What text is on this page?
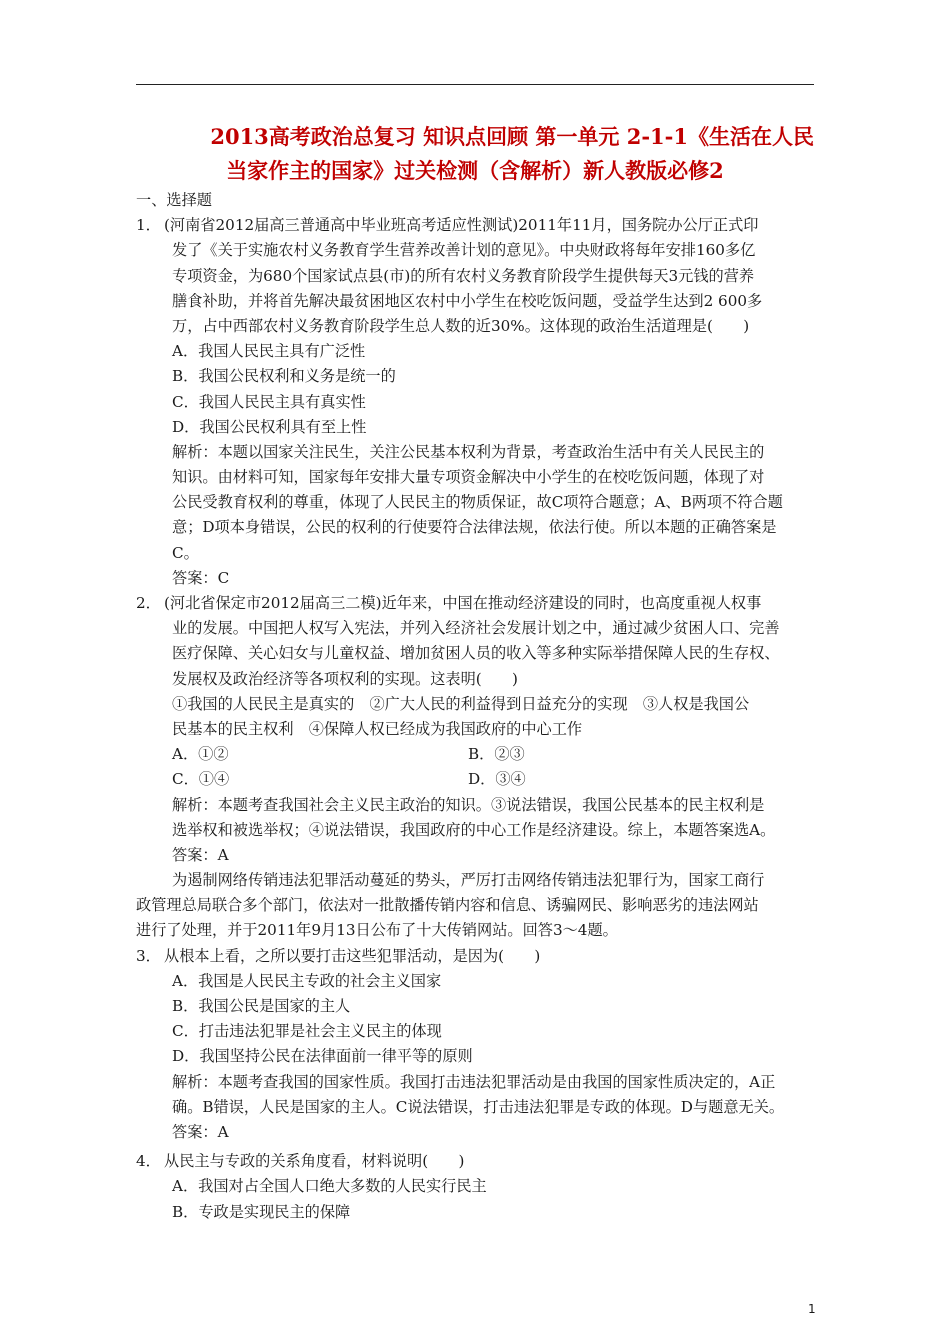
2013高考政治总复习 知识点回顾 第一单元 2-1-1《生活在人民
当家作主的国家》过关检测（含解析）新人教版必修2
一、选择题
1． (河南省2012届高三普通高中毕业班高考适应性测试)2011年11月，国务院办公厅正式印
发了《关于实施农村义务教育学生营养改善计划的意见》。中央财政将每年安排160多亿
专项资金，为680个国家试点县(市)的所有农村义务教育阶段学生提供每天3元钱的营养
膳食补助，并将首先解决最贫困地区农村中小学生在校吃饭问题，受益学生达到2 600多
万，占中西部农村义务教育阶段学生总人数的近30%。这体现的政治生活道理是(　　)
A．我国人民民主具有广泛性
B．我国公民权利和义务是统一的
C．我国人民民主具有真实性
D．我国公民权利具有至上性
解析：本题以国家关注民生，关注公民基本权利为背景，考查政治生活中有关人民民主的
知识。由材料可知，国家每年安排大量专项资金解决中小学生的在校吃饭问题，体现了对
公民受教育权利的尊重，体现了人民民主的物质保证，故C项符合题意；A、B两项不符合题
意；D项本身错误，公民的权利的行使要符合法律法规，依法行使。所以本题的正确答案是
C。
答案：C
2． (河北省保定市2012届高三二模)近年来，中国在推动经济建设的同时，也高度重视人权事
业的发展。中国把人权写入宪法，并列入经济社会发展计划之中，通过减少贫困人口、完善
医疗保障、关心妇女与儿童权益、增加贫困人员的收入等多种实际举措保障人民的生存权、
发展权及政治经济等各项权利的实现。这表明(　　)
①我国的人民民主是真实的　②广大人民的利益得到日益充分的实现　③人权是我国公
民基本的民主权利　④保障人权已经成为我国政府的中心工作
A．①②	B．②③
C．①④	D．③④
解析：本题考查我国社会主义民主政治的知识。③说法错误，我国公民基本的民主权利是
选举权和被选举权；④说法错误，我国政府的中心工作是经济建设。综上，本题答案选A。
答案：A
为遏制网络传销违法犯罪活动蔓延的势头，严厉打击网络传销违法犯罪行为，国家工商行
政管理总局联合多个部门，依法对一批散播传销内容和信息、诱骗网民、影响恶劣的违法网站
进行了处理，并于2011年9月13日公布了十大传销网站。回答3～4题。
3． 从根本上看，之所以要打击这些犯罪活动，是因为(　　)
A．我国是人民民主专政的社会主义国家
B．我国公民是国家的主人
C．打击违法犯罪是社会主义民主的体现
D．我国坚持公民在法律面前一律平等的原则
解析：本题考查我国的国家性质。我国打击违法犯罪活动是由我国的国家性质决定的，A正
确。B错误，人民是国家的主人。C说法错误，打击违法犯罪是专政的体现。D与题意无关。
答案：A
4． 从民主与专政的关系角度看，材料说明(　　)
A．我国对占全国人口绝大多数的人民实行民主
B．专政是实现民主的保障
1
